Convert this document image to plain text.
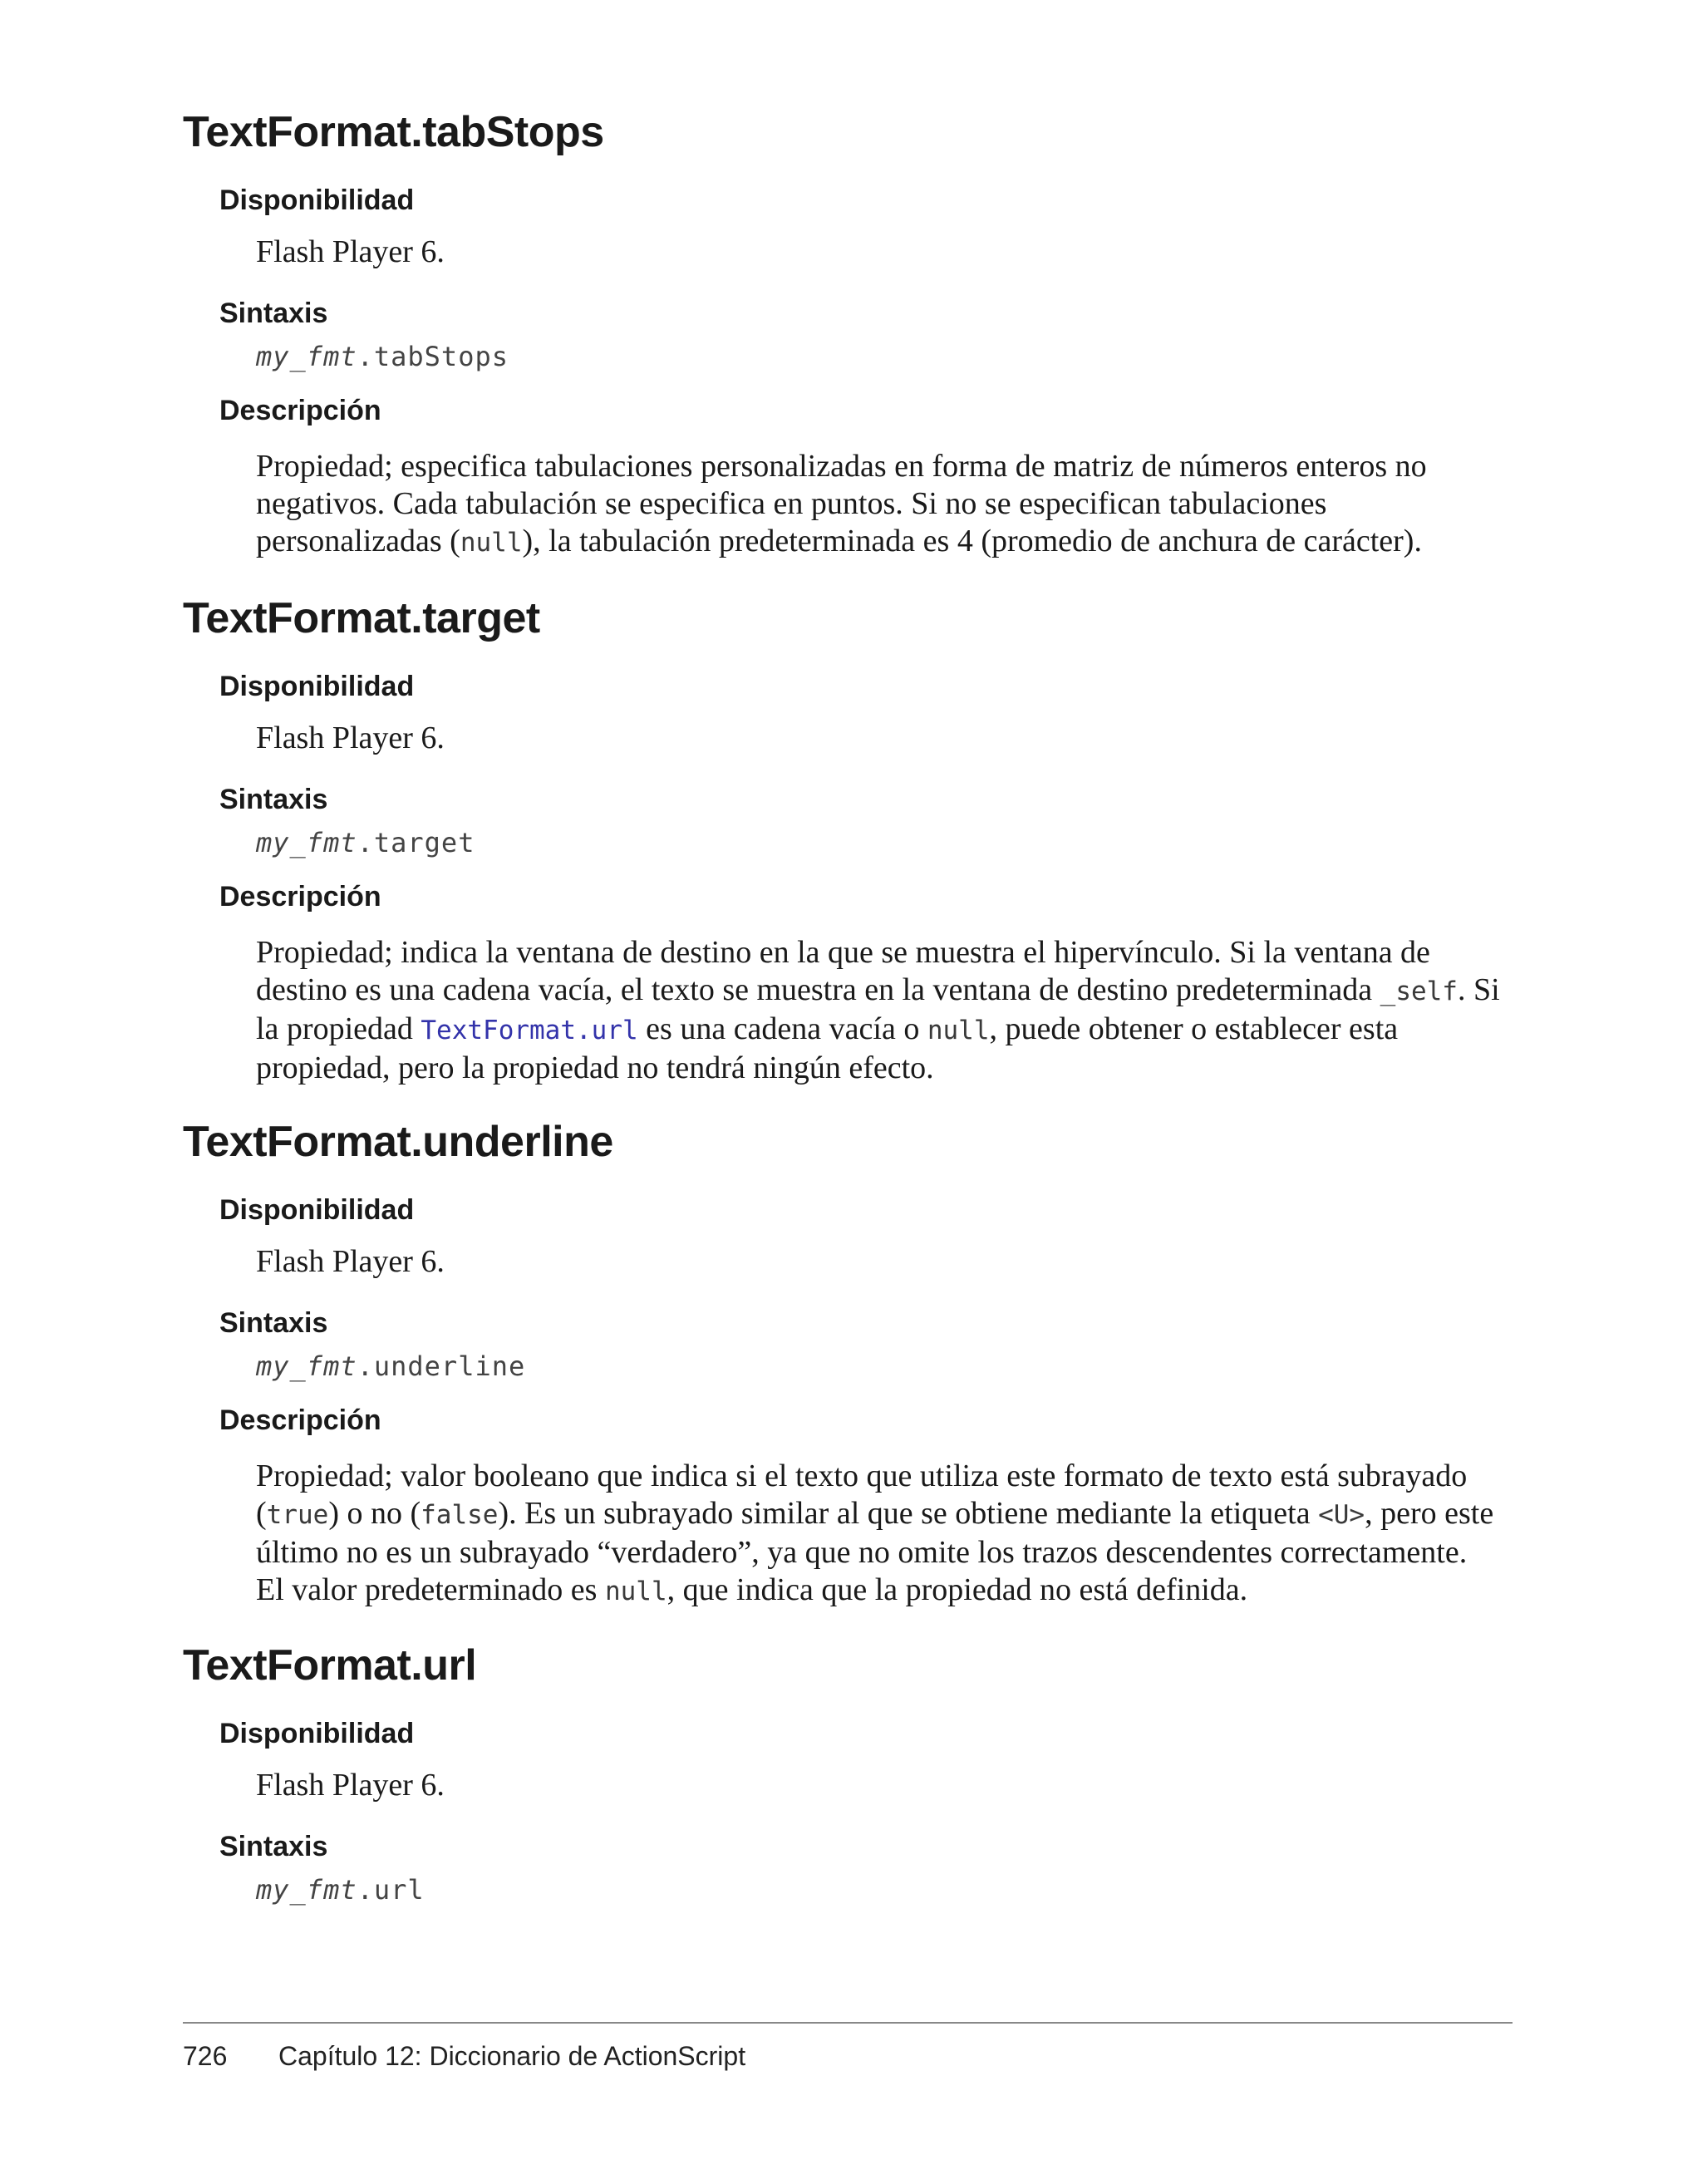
TextFormat.tabStops
Disponibilidad
Flash Player 6.
Sintaxis
my_fmt.tabStops
Descripción
Propiedad; especifica tabulaciones personalizadas en forma de matriz de números enteros no negativos. Cada tabulación se especifica en puntos. Si no se especifican tabulaciones personalizadas (null), la tabulación predeterminada es 4 (promedio de anchura de carácter).
TextFormat.target
Disponibilidad
Flash Player 6.
Sintaxis
my_fmt.target
Descripción
Propiedad; indica la ventana de destino en la que se muestra el hipervínculo. Si la ventana de destino es una cadena vacía, el texto se muestra en la ventana de destino predeterminada _self. Si la propiedad TextFormat.url es una cadena vacía o null, puede obtener o establecer esta propiedad, pero la propiedad no tendrá ningún efecto.
TextFormat.underline
Disponibilidad
Flash Player 6.
Sintaxis
my_fmt.underline
Descripción
Propiedad; valor booleano que indica si el texto que utiliza este formato de texto está subrayado (true) o no (false). Es un subrayado similar al que se obtiene mediante la etiqueta <U>, pero este último no es un subrayado “verdadero”, ya que no omite los trazos descendentes correctamente. El valor predeterminado es null, que indica que la propiedad no está definida.
TextFormat.url
Disponibilidad
Flash Player 6.
Sintaxis
my_fmt.url
726 Capítulo 12: Diccionario de ActionScript
